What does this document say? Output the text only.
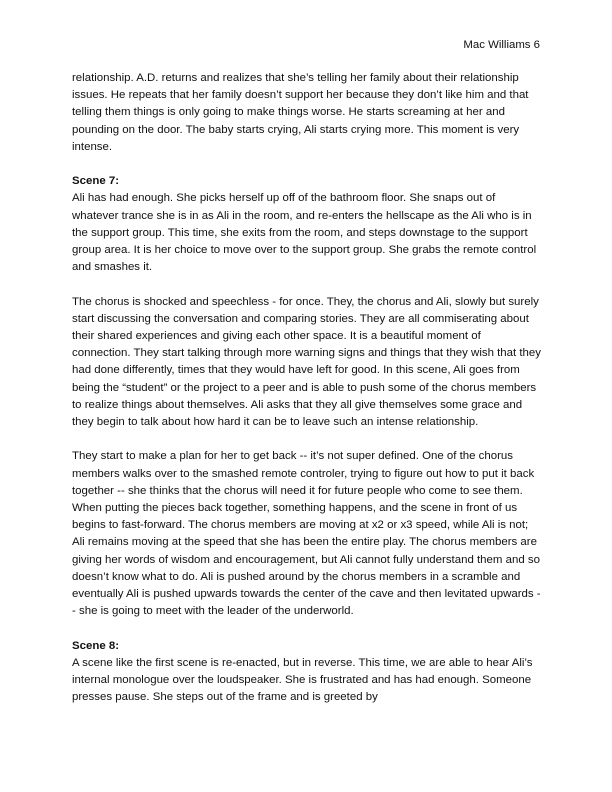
Mac Williams 6

relationship. A.D. returns and realizes that she’s telling her family about their relationship issues. He repeats that her family doesn’t support her because they don’t like him and that telling them things is only going to make things worse. He starts screaming at her and pounding on the door. The baby starts crying, Ali starts crying more. This moment is very intense.

Scene 7:
Ali has had enough. She picks herself up off of the bathroom floor. She snaps out of whatever trance she is in as Ali in the room, and re-enters the hellscape as the Ali who is in the support group. This time, she exits from the room, and steps downstage to the support group area. It is her choice to move over to the support group. She grabs the remote control and smashes it.

The chorus is shocked and speechless - for once. They, the chorus and Ali, slowly but surely start discussing the conversation and comparing stories. They are all commiserating about their shared experiences and giving each other space. It is a beautiful moment of connection. They start talking through more warning signs and things that they wish that they had done differently, times that they would have left for good. In this scene, Ali goes from being the “student” or the project to a peer and is able to push some of the chorus members to realize things about themselves. Ali asks that they all give themselves some grace and they begin to talk about how hard it can be to leave such an intense relationship.

They start to make a plan for her to get back -- it’s not super defined. One of the chorus members walks over to the smashed remote controler, trying to figure out how to put it back together -- she thinks that the chorus will need it for future people who come to see them. When putting the pieces back together, something happens, and the scene in front of us begins to fast-forward. The chorus members are moving at x2 or x3 speed, while Ali is not; Ali remains moving at the speed that she has been the entire play. The chorus members are giving her words of wisdom and encouragement, but Ali cannot fully understand them and so doesn’t know what to do. Ali is pushed around by the chorus members in a scramble and eventually Ali is pushed upwards towards the center of the cave and then levitated upwards -- she is going to meet with the leader of the underworld.

Scene 8:
A scene like the first scene is re-enacted, but in reverse. This time, we are able to hear Ali’s internal monologue over the loudspeaker. She is frustrated and has had enough. Someone presses pause. She steps out of the frame and is greeted by
